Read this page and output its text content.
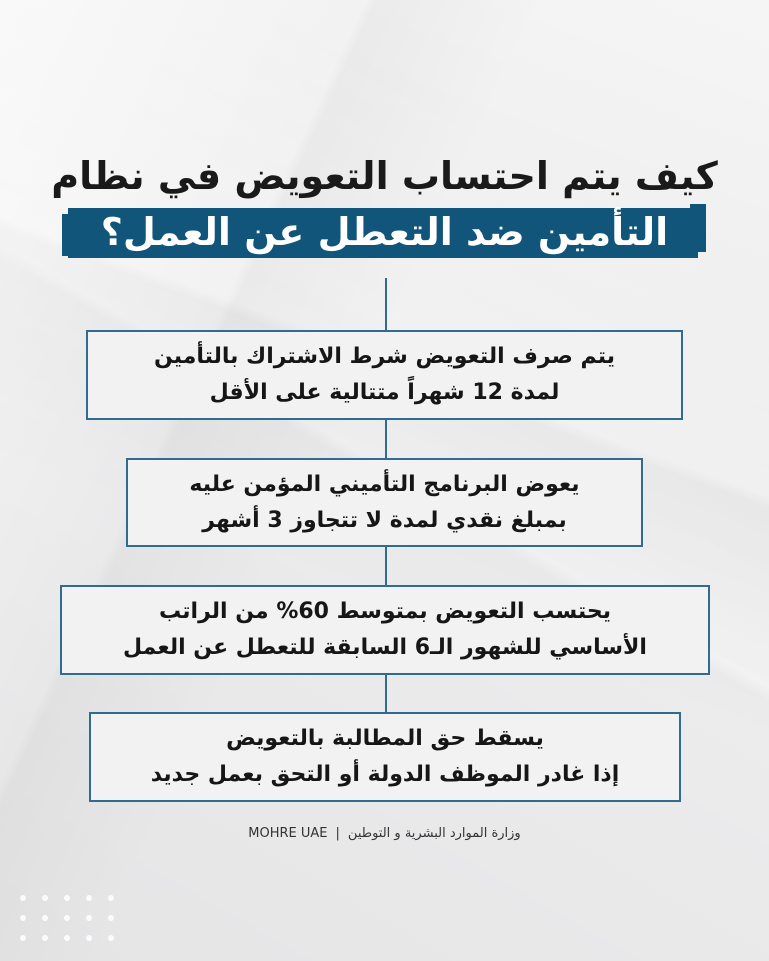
كيف يتم احتساب التعويض في نظام
التأمين ضد التعطل عن العمل؟
يتم صرف التعويض شرط الاشتراك بالتأمين
لمدة 12 شهراً متتالية على الأقل
يعوض البرنامج التأميني المؤمن عليه
بمبلغ نقدي لمدة لا تتجاوز 3 أشهر
يحتسب التعويض بمتوسط 60% من الراتب
الأساسي للشهور الـ6 السابقة للتعطل عن العمل
يسقط حق المطالبة بالتعويض
إذا غادر الموظف الدولة أو التحق بعمل جديد
MOHRE UAE | وزارة الموارد البشرية و التوطين
